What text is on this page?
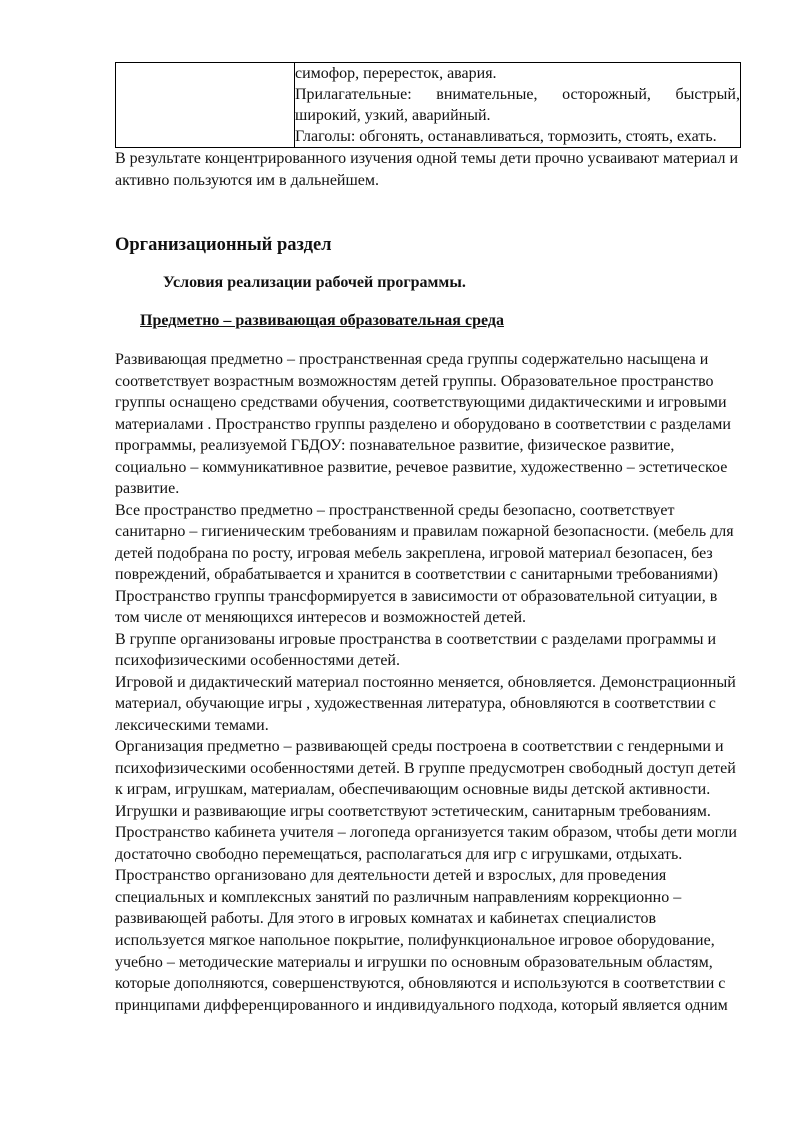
симофор, перересток, авария.
Прилагательные: внимательные, осторожный, быстрый,
широкий, узкий, аварийный.
Глаголы: обгонять, останавливаться, тормозить, стоять, ехать.

В результате концентрированного изучения одной темы дети прочно усваивают материал и активно пользуются им в дальнейшем.

Организационный раздел
Условия реализации рабочей программы.
Предметно – развивающая образовательная среда

Развивающая предметно – пространственная среда группы содержательно насыщена и соответствует возрастным возможностям детей группы. Образовательное пространство группы оснащено средствами обучения, соответствующими дидактическими и игровыми материалами . Пространство группы разделено и оборудовано в соответствии с разделами программы, реализуемой ГБДОУ: познавательное развитие, физическое развитие, социально – коммуникативное развитие, речевое развитие, художественно – эстетическое развитие.

Все пространство предметно – пространственной среды безопасно, соответствует санитарно – гигиеническим требованиям и правилам пожарной безопасности. (мебель для детей подобрана по росту, игровая мебель закреплена, игровой материал безопасен, без повреждений, обрабатывается и хранится в соответствии с санитарными требованиями)

Пространство группы трансформируется в зависимости от образовательной ситуации, в том числе от меняющихся интересов и возможностей детей.

В группе организованы игровые пространства в соответствии с разделами программы и психофизическими особенностями детей.

Игровой и дидактический материал постоянно меняется, обновляется. Демонстрационный материал, обучающие игры , художественная литература, обновляются в соответствии с лексическими темами.

Организация предметно – развивающей среды построена в соответствии с гендерными и психофизическими особенностями детей. В группе предусмотрен свободный доступ детей к играм, игрушкам, материалам, обеспечивающим основные виды детской активности. Игрушки и развивающие игры соответствуют эстетическим, санитарным требованиям.

Пространство кабинета учителя – логопеда организуется таким образом, чтобы дети могли достаточно свободно перемещаться, располагаться для игр с игрушками, отдыхать. Пространство организовано для деятельности детей и взрослых, для проведения специальных и комплексных занятий по различным направлениям коррекционно – развивающей работы. Для этого в игровых комнатах и кабинетах специалистов используется мягкое напольное покрытие, полифункциональное игровое оборудование, учебно – методические материалы и игрушки по основным образовательным областям, которые дополняются, совершенствуются, обновляются и используются в соответствии с принципами дифференцированного и индивидуального подхода, который является одним
